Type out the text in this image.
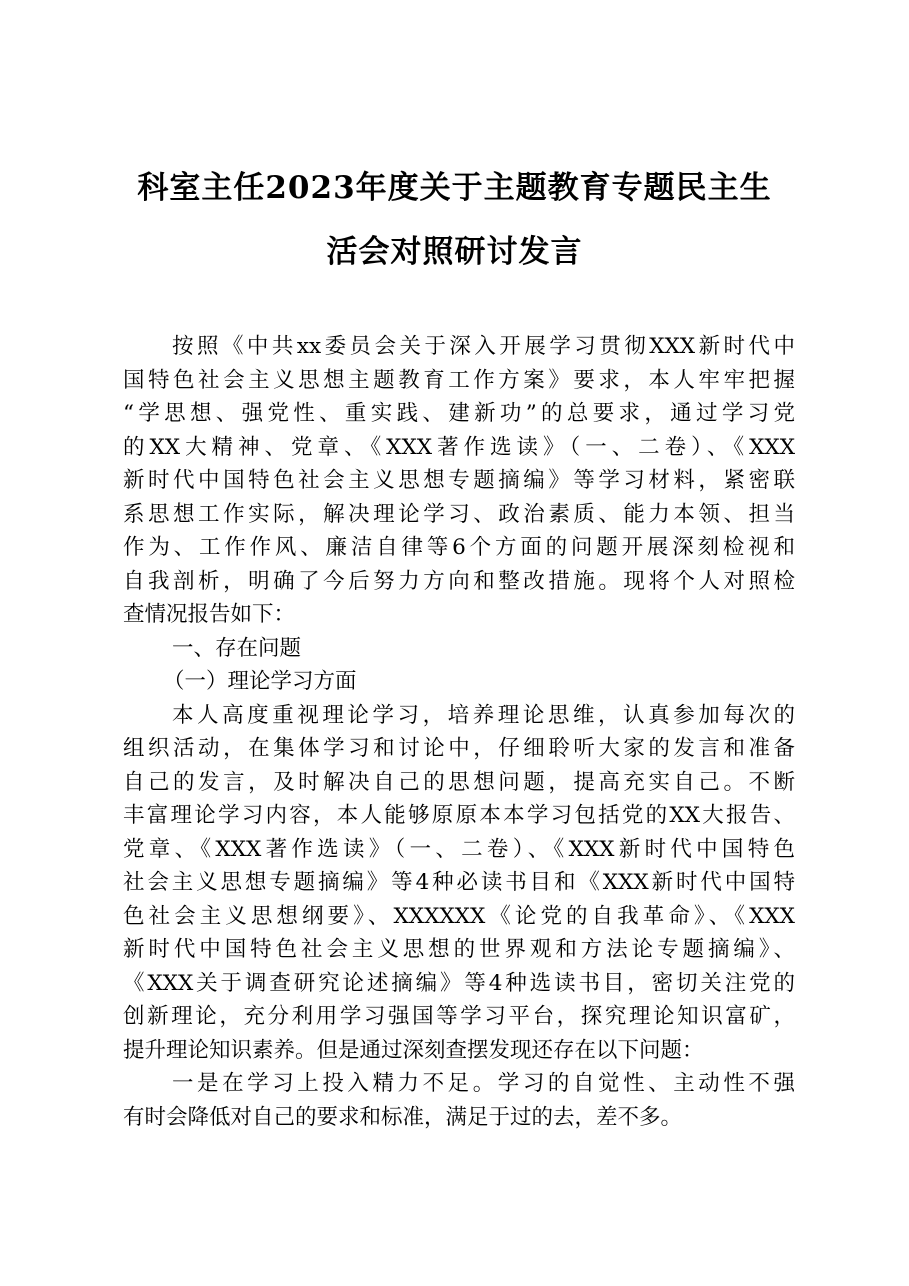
科室主任2023年度关于主题教育专题民主生
活会对照研讨发言
按照《中共xx委员会关于深入开展学习贯彻XXX新时代中
国特色社会主义思想主题教育工作方案》要求，本人牢牢把握
“学思想、强党性、重实践、建新功”的总要求，通过学习党
的XX大精神、党章、《XXX著作选读》（一、二卷）、《XXX
新时代中国特色社会主义思想专题摘编》等学习材料，紧密联
系思想工作实际，解决理论学习、政治素质、能力本领、担当
作为、工作作风、廉洁自律等6个方面的问题开展深刻检视和
自我剖析，明确了今后努力方向和整改措施。现将个人对照检
查情况报告如下：
一、存在问题
（一）理论学习方面
本人高度重视理论学习，培养理论思维，认真参加每次的
组织活动，在集体学习和讨论中，仔细聆听大家的发言和准备
自己的发言，及时解决自己的思想问题，提高充实自己。不断
丰富理论学习内容，本人能够原原本本学习包括党的XX大报告、
党章、《XXX著作选读》（一、二卷）、《XXX新时代中国特色
社会主义思想专题摘编》等4种必读书目和《XXX新时代中国特
色社会主义思想纲要》、XXXXXX《论党的自我革命》、《XXX
新时代中国特色社会主义思想的世界观和方法论专题摘编》、
《XXX关于调查研究论述摘编》等4种选读书目，密切关注党的
创新理论，充分利用学习强国等学习平台，探究理论知识富矿，
提升理论知识素养。但是通过深刻查摆发现还存在以下问题：
一是在学习上投入精力不足。学习的自觉性、主动性不强
有时会降低对自己的要求和标准，满足于过的去，差不多。
